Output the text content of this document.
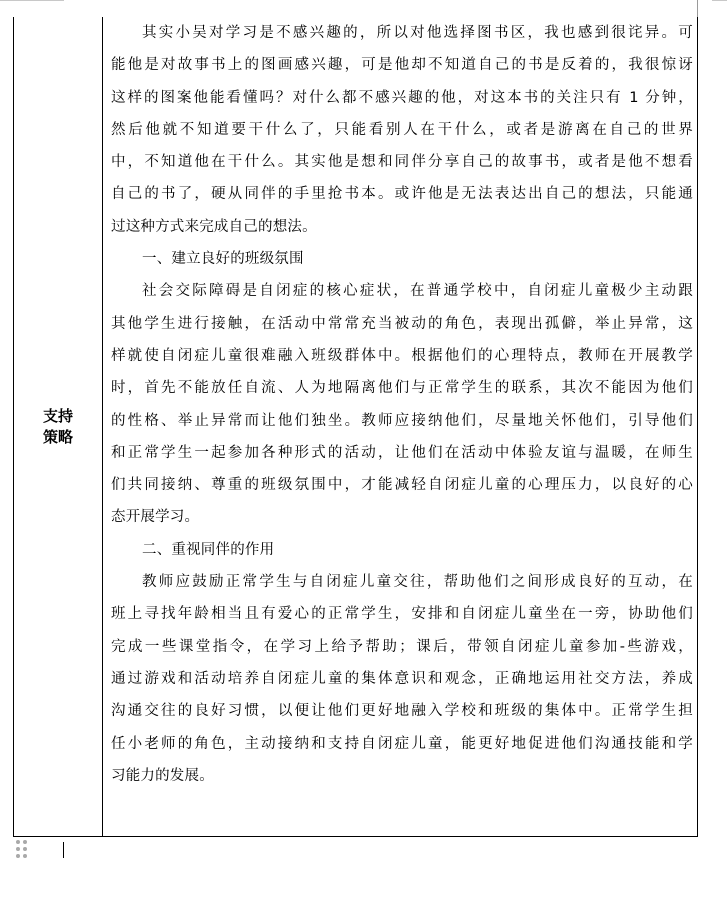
支持策略
其实小吴对学习是不感兴趣的，所以对他选择图书区，我也感到很诧异。可
能他是对故事书上的图画感兴趣，可是他却不知道自己的书是反着的，我很惊讶
这样的图案他能看懂吗？对什么都不感兴趣的他，对这本书的关注只有 1 分钟，
然后他就不知道要干什么了，只能看别人在干什么，或者是游离在自己的世界
中，不知道他在干什么。其实他是想和同伴分享自己的故事书，或者是他不想看
自己的书了，硬从同伴的手里抢书本。或许他是无法表达出自己的想法，只能通
过这种方式来完成自己的想法。
一、建立良好的班级氛围
社会交际障碍是自闭症的核心症状，在普通学校中，自闭症儿童极少主动跟
其他学生进行接触，在活动中常常充当被动的角色，表现出孤僻，举止异常，这
样就使自闭症儿童很难融入班级群体中。根据他们的心理特点，教师在开展教学
时，首先不能放任自流、人为地隔离他们与正常学生的联系，其次不能因为他们
的性格、举止异常而让他们独坐。教师应接纳他们，尽量地关怀他们，引导他们
和正常学生一起参加各种形式的活动，让他们在活动中体验友谊与温暖，在师生
们共同接纳、尊重的班级氛围中，才能减轻自闭症儿童的心理压力，以良好的心
态开展学习。
二、重视同伴的作用
教师应鼓励正常学生与自闭症儿童交往，帮助他们之间形成良好的互动，在
班上寻找年龄相当且有爱心的正常学生，安排和自闭症儿童坐在一旁，协助他们
完成一些课堂指令，在学习上给予帮助；课后，带领自闭症儿童参加-些游戏，
通过游戏和活动培养自闭症儿童的集体意识和观念，正确地运用社交方法，养成
沟通交往的良好习惯，以便让他们更好地融入学校和班级的集体中。正常学生担
任小老师的角色，主动接纳和支持自闭症儿童，能更好地促进他们沟通技能和学
习能力的发展。
